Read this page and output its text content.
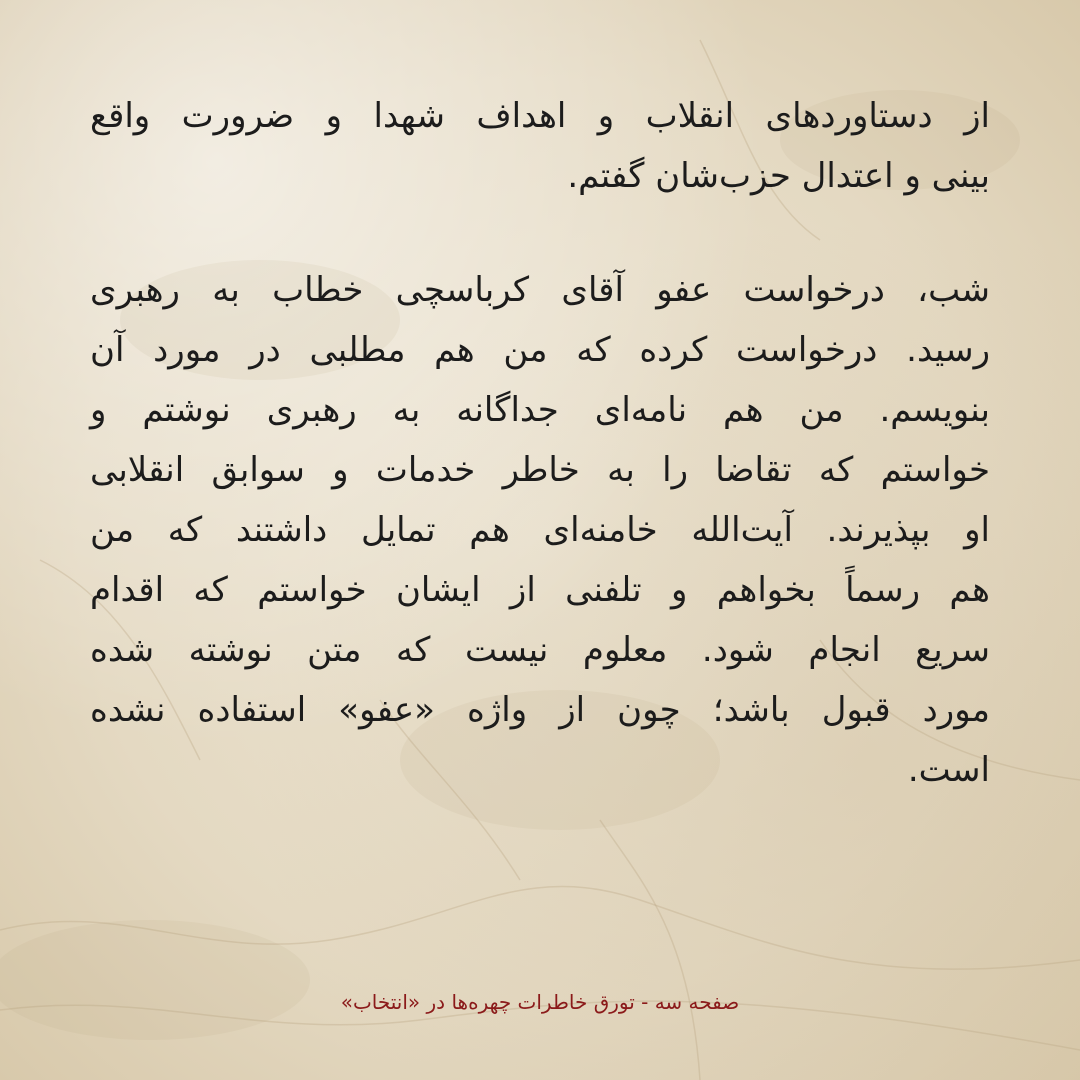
از دستاوردهای انقلاب و اهداف شهدا و ضرورت واقع
بینی و اعتدال حزب‌شان گفتم.
شب، درخواست عفو آقای کرباسچی خطاب به رهبری
رسید. درخواست کرده که من هم مطلبی در مورد آن
بنویسم. من هم نامه‌ای جداگانه به رهبری نوشتم و
خواستم که تقاضا را به خاطر خدمات و سوابق انقلابی
او بپذیرند. آیت‌الله خامنه‌ای هم تمایل داشتند که من
هم رسماً بخواهم و تلفنی از ایشان خواستم که اقدام
سریع انجام شود. معلوم نیست که متن نوشته شده
مورد قبول باشد؛ چون از واژه «عفو» استفاده نشده
است.
صفحه سه - تورق خاطرات چهره‌ها در «انتخاب»
